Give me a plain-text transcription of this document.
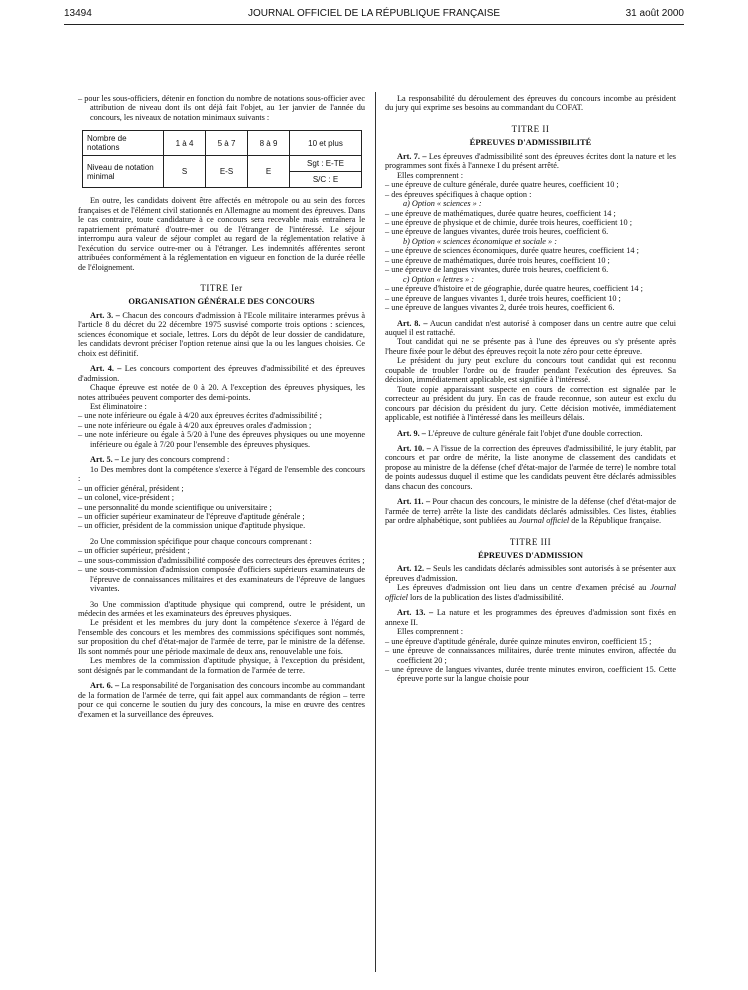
13494	JOURNAL OFFICIEL DE LA RÉPUBLIQUE FRANÇAISE	31 août 2000

– pour les sous-officiers, détenir en fonction du nombre de notations sous-officier avec attribution de niveau dont ils ont déjà fait l'objet, au 1er janvier de l'année du concours, les niveaux de notation minimaux suivants :

Nombre de notations	1 à 4	5 à 7	8 à 9	10 et plus
Niveau de notation minimal	S	E-S	E	Sgt : E-TE
				S/C : E

En outre, les candidats doivent être affectés en métropole ou au sein des forces françaises et de l'élément civil stationnés en Allemagne au moment des épreuves. Dans le cas contraire, toute candidature à ce concours sera recevable mais entraînera le rapatriement prématuré d'outre-mer ou de l'étranger de l'intéressé. Le séjour interrompu aura valeur de séjour complet au regard de la réglementation relative à l'exécution du service outre-mer ou à l'étranger. Les indemnités afférentes seront attribuées conformément à la réglementation en vigueur en fonction de la durée réelle de l'éloignement.

TITRE Ier

ORGANISATION GÉNÉRALE DES CONCOURS

Art. 3. – Chacun des concours d'admission à l'Ecole militaire interarmes prévus à l'article 8 du décret du 22 décembre 1975 susvisé comporte trois options : sciences, sciences économique et sociale, lettres. Lors du dépôt de leur dossier de candidature, les candidats devront préciser l'option retenue ainsi que la ou les langues choisies. Ce choix est définitif.

Art. 4. – Les concours comportent des épreuves d'admissibilité et des épreuves d'admission.

Chaque épreuve est notée de 0 à 20. A l'exception des épreuves physiques, les notes attribuées peuvent comporter des demi-points.

Est éliminatoire :

– une note inférieure ou égale à 4/20 aux épreuves écrites d'admissibilité ;

– une note inférieure ou égale à 4/20 aux épreuves orales d'admission ;

– une note inférieure ou égale à 5/20 à l'une des épreuves physiques ou une moyenne inférieure ou égale à 7/20 pour l'ensemble des épreuves physiques.

Art. 5. – Le jury des concours comprend :

1o Des membres dont la compétence s'exerce à l'égard de l'ensemble des concours :

– un officier général, président ;

– un colonel, vice-président ;

– une personnalité du monde scientifique ou universitaire ;

– un officier supérieur examinateur de l'épreuve d'aptitude générale ;

– un officier, président de la commission unique d'aptitude physique.

2o Une commission spécifique pour chaque concours comprenant :

– un officier supérieur, président ;

– une sous-commission d'admissibilité composée des correcteurs des épreuves écrites ;

– une sous-commission d'admission composée d'officiers supérieurs examinateurs de l'épreuve de connaissances militaires et des examinateurs de l'épreuve de langues vivantes.

3o Une commission d'aptitude physique qui comprend, outre le président, un médecin des armées et les examinateurs des épreuves physiques.

Le président et les membres du jury dont la compétence s'exerce à l'égard de l'ensemble des concours et les membres des commissions spécifiques sont nommés, sur proposition du chef d'état-major de l'armée de terre, par le ministre de la défense. Ils sont nommés pour une période maximale de deux ans, renouvelable une fois.

Les membres de la commission d'aptitude physique, à l'exception du président, sont désignés par le commandant de la formation de l'armée de terre.

Art. 6. – La responsabilité de l'organisation des concours incombe au commandant de la formation de l'armée de terre, qui fait appel aux commandants de région – terre pour ce qui concerne le soutien du jury des concours, la mise en œuvre des centres d'examen et la surveillance des épreuves.

La responsabilité du déroulement des épreuves du concours incombe au président du jury qui exprime ses besoins au commandant du COFAT.

TITRE II

ÉPREUVES D'ADMISSIBILITÉ

Art. 7. – Les épreuves d'admissibilité sont des épreuves écrites dont la nature et les programmes sont fixés à l'annexe I du présent arrêté.

Elles comprennent :

– une épreuve de culture générale, durée quatre heures, coefficient 10 ;

– des épreuves spécifiques à chaque option :

a) Option « sciences » :

– une épreuve de mathématiques, durée quatre heures, coefficient 14 ;

– une épreuve de physique et de chimie, durée trois heures, coefficient 10 ;

– une épreuve de langues vivantes, durée trois heures, coefficient 6.

b) Option « sciences économique et sociale » :

– une épreuve de sciences économiques, durée quatre heures, coefficient 14 ;

– une épreuve de mathématiques, durée trois heures, coefficient 10 ;

– une épreuve de langues vivantes, durée trois heures, coefficient 6.

c) Option « lettres » :

– une épreuve d'histoire et de géographie, durée quatre heures, coefficient 14 ;

– une épreuve de langues vivantes 1, durée trois heures, coefficient 10 ;

– une épreuve de langues vivantes 2, durée trois heures, coefficient 6.

Art. 8. – Aucun candidat n'est autorisé à composer dans un centre autre que celui auquel il est rattaché.

Tout candidat qui ne se présente pas à l'une des épreuves ou s'y présente après l'heure fixée pour le début des épreuves reçoit la note zéro pour cette épreuve.

Le président du jury peut exclure du concours tout candidat qui est reconnu coupable de troubler l'ordre ou de frauder pendant l'exécution des épreuves. Sa décision, immédiatement applicable, est signifiée à l'intéressé.

Toute copie apparaissant suspecte en cours de correction est signalée par le correcteur au président du jury. En cas de fraude reconnue, son auteur est exclu du concours par décision du président du jury. Cette décision motivée, immédiatement applicable, est notifiée à l'intéressé dans les meilleurs délais.

Art. 9. – L'épreuve de culture générale fait l'objet d'une double correction.

Art. 10. – A l'issue de la correction des épreuves d'admissibilité, le jury établit, par concours et par ordre de mérite, la liste anonyme de classement des candidats et propose au ministre de la défense (chef d'état-major de l'armée de terre) le nombre total de points audessus duquel il estime que les candidats peuvent être déclarés admissibles dans chacun des concours.

Art. 11. – Pour chacun des concours, le ministre de la défense (chef d'état-major de l'armée de terre) arrête la liste des candidats déclarés admissibles. Ces listes, établies par ordre alphabétique, sont publiées au Journal officiel de la République française.

TITRE III

ÉPREUVES D'ADMISSION

Art. 12. – Seuls les candidats déclarés admissibles sont autorisés à se présenter aux épreuves d'admission.

Les épreuves d'admission ont lieu dans un centre d'examen précisé au Journal officiel lors de la publication des listes d'admissibilité.

Art. 13. – La nature et les programmes des épreuves d'admission sont fixés en annexe II.

Elles comprennent :

– une épreuve d'aptitude générale, durée quinze minutes environ, coefficient 15 ;

– une épreuve de connaissances militaires, durée trente minutes environ, affectée du coefficient 20 ;

– une épreuve de langues vivantes, durée trente minutes environ, coefficient 15. Cette épreuve porte sur la langue choisie pour
